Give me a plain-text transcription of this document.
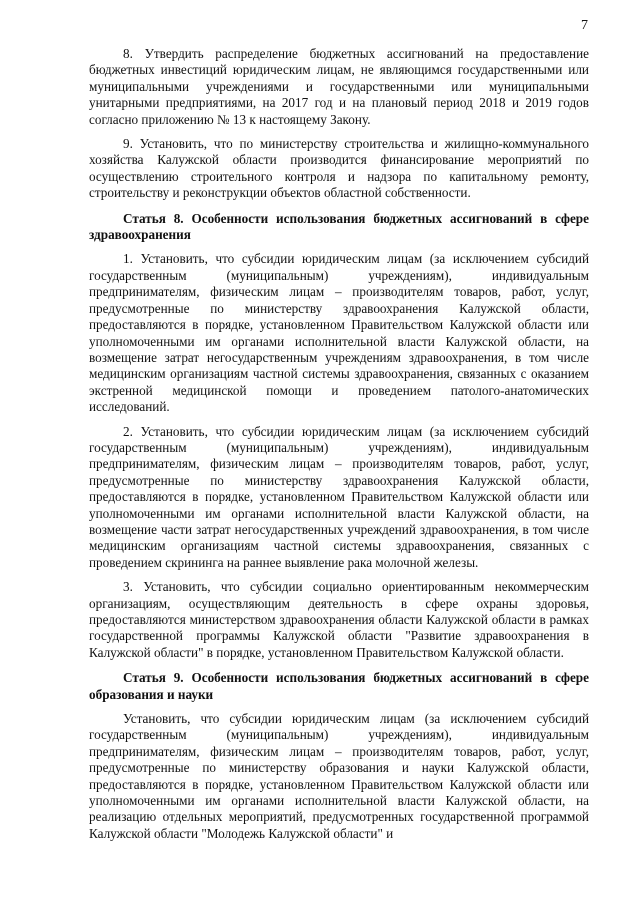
7

8. Утвердить распределение бюджетных ассигнований на предоставление бюджетных инвестиций юридическим лицам, не являющимся государственными или муниципальными учреждениями и государственными или муниципальными унитарными предприятиями, на 2017 год и на плановый период 2018 и 2019 годов согласно приложению № 13 к настоящему Закону.

9. Установить, что по министерству строительства и жилищно-коммунального хозяйства Калужской области производится финансирование мероприятий по осуществлению строительного контроля и надзора по капитальному ремонту, строительству и реконструкции объектов областной собственности.

Статья 8. Особенности использования бюджетных ассигнований в сфере здравоохранения

1. Установить, что субсидии юридическим лицам (за исключением субсидий государственным (муниципальным) учреждениям), индивидуальным предпринимателям, физическим лицам – производителям товаров, работ, услуг, предусмотренные по министерству здравоохранения Калужской области, предоставляются в порядке, установленном Правительством Калужской области или уполномоченными им органами исполнительной власти Калужской области, на возмещение затрат негосударственным учреждениям здравоохранения, в том числе медицинским организациям частной системы здравоохранения, связанных с оказанием экстренной медицинской помощи и проведением патолого-анатомических исследований.

2. Установить, что субсидии юридическим лицам (за исключением субсидий государственным (муниципальным) учреждениям), индивидуальным предпринимателям, физическим лицам – производителям товаров, работ, услуг, предусмотренные по министерству здравоохранения Калужской области, предоставляются в порядке, установленном Правительством Калужской области или уполномоченными им органами исполнительной власти Калужской области, на возмещение части затрат негосударственных учреждений здравоохранения, в том числе медицинским организациям частной системы здравоохранения, связанных с проведением скрининга на раннее выявление рака молочной железы.

3. Установить, что субсидии социально ориентированным некоммерческим организациям, осуществляющим деятельность в сфере охраны здоровья, предоставляются министерством здравоохранения области Калужской области в рамках государственной программы Калужской области "Развитие здравоохранения в Калужской области" в порядке, установленном Правительством Калужской области.

Статья 9. Особенности использования бюджетных ассигнований в сфере образования и науки

Установить, что субсидии юридическим лицам (за исключением субсидий государственным (муниципальным) учреждениям), индивидуальным предпринимателям, физическим лицам – производителям товаров, работ, услуг, предусмотренные по министерству образования и науки Калужской области, предоставляются в порядке, установленном Правительством Калужской области или уполномоченными им органами исполнительной власти Калужской области, на реализацию отдельных мероприятий, предусмотренных государственной программой Калужской области "Молодежь Калужской области" и
